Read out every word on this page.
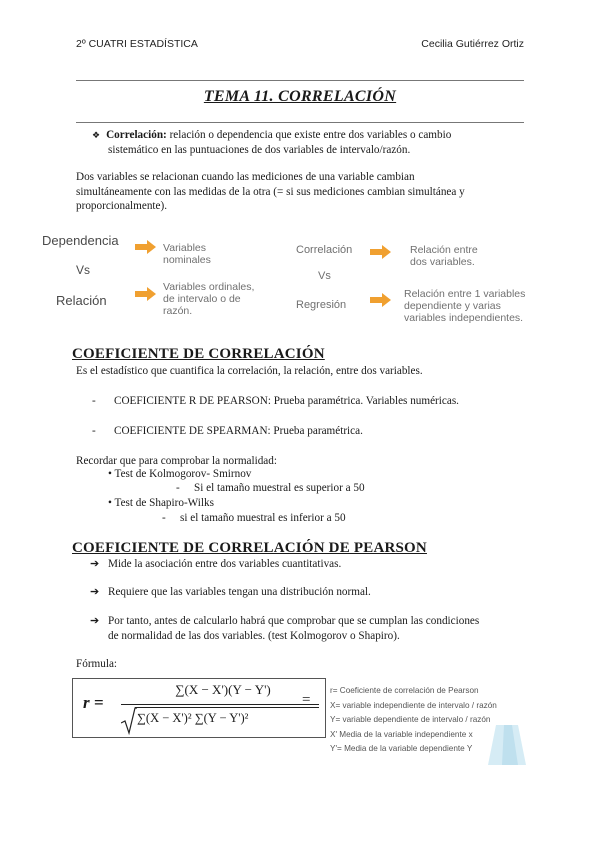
2º CUATRI ESTADÍSTICA	Cecilia Gutiérrez Ortiz
TEMA 11. CORRELACIÓN
❖ Correlación: relación o dependencia que existe entre dos variables o cambio
sistemático en las puntuaciones de dos variables de intervalo/razón.
Dos variables se relacionan cuando las mediciones de una variable cambian
simultáneamente con las medidas de la otra (= si sus mediciones cambian simultánea y
proporcionalmente).
Dependencia
Vs
Relación
Variables
nominales
Variables ordinales,
de intervalo o de
razón.
Correlación
Vs
Regresión
Relación entre
dos variables.
Relación entre 1 variables
dependiente y varias
variables independientes.
COEFICIENTE DE CORRELACIÓN
Es el estadístico que cuantifica la correlación, la relación, entre dos variables.
- COEFICIENTE R DE PEARSON: Prueba paramétrica. Variables numéricas.
- COEFICIENTE DE SPEARMAN: Prueba paramétrica.
Recordar que para comprobar la normalidad:
• Test de Kolmogorov- Smirnov
- Si el tamaño muestral es superior a 50
• Test de Shapiro-Wilks
- si el tamaño muestral es inferior a 50
COEFICIENTE DE CORRELACIÓN DE PEARSON
➔ Mide la asociación entre dos variables cuantitativas.
➔ Requiere que las variables tengan una distribución normal.
➔ Por tanto, antes de calcularlo habrá que comprobar que se cumplan las condiciones
de normalidad de las dos variables. (test Kolmogorov o Shapiro).
Fórmula:
r =
∑(X − X')(Y − Y')
∑(X − X')² ∑(Y − Y')²
=
r= Coeficiente de correlación de Pearson
X= variable independiente de intervalo / razón
Y= variable dependiente de intervalo / razón
X' Media de la variable independiente x
Y'= Media de la variable dependiente Y
